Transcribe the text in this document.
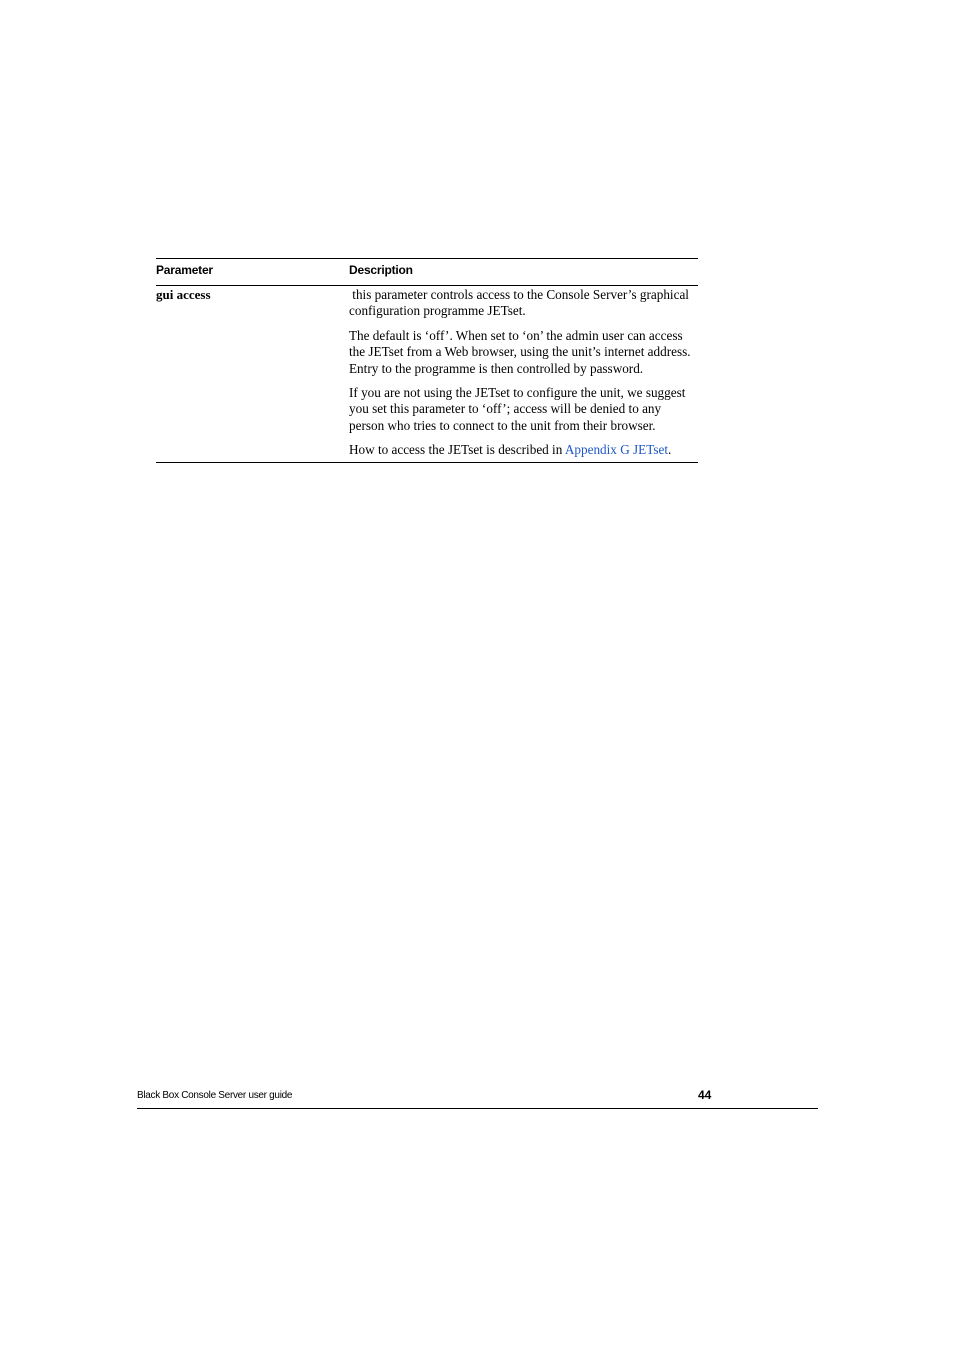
Parameter	Description
gui access	this parameter controls access to the Console Server’s graphical configuration programme JETset.

The default is ‘off’. When set to ‘on’ the admin user can access the JETset from a Web browser, using the unit’s internet address. Entry to the programme is then controlled by password.

If you are not using the JETset to configure the unit, we suggest you set this parameter to ‘off’; access will be denied to any person who tries to connect to the unit from their browser.

How to access the JETset is described in Appendix G JETset.

Black Box Console Server user guide	44
